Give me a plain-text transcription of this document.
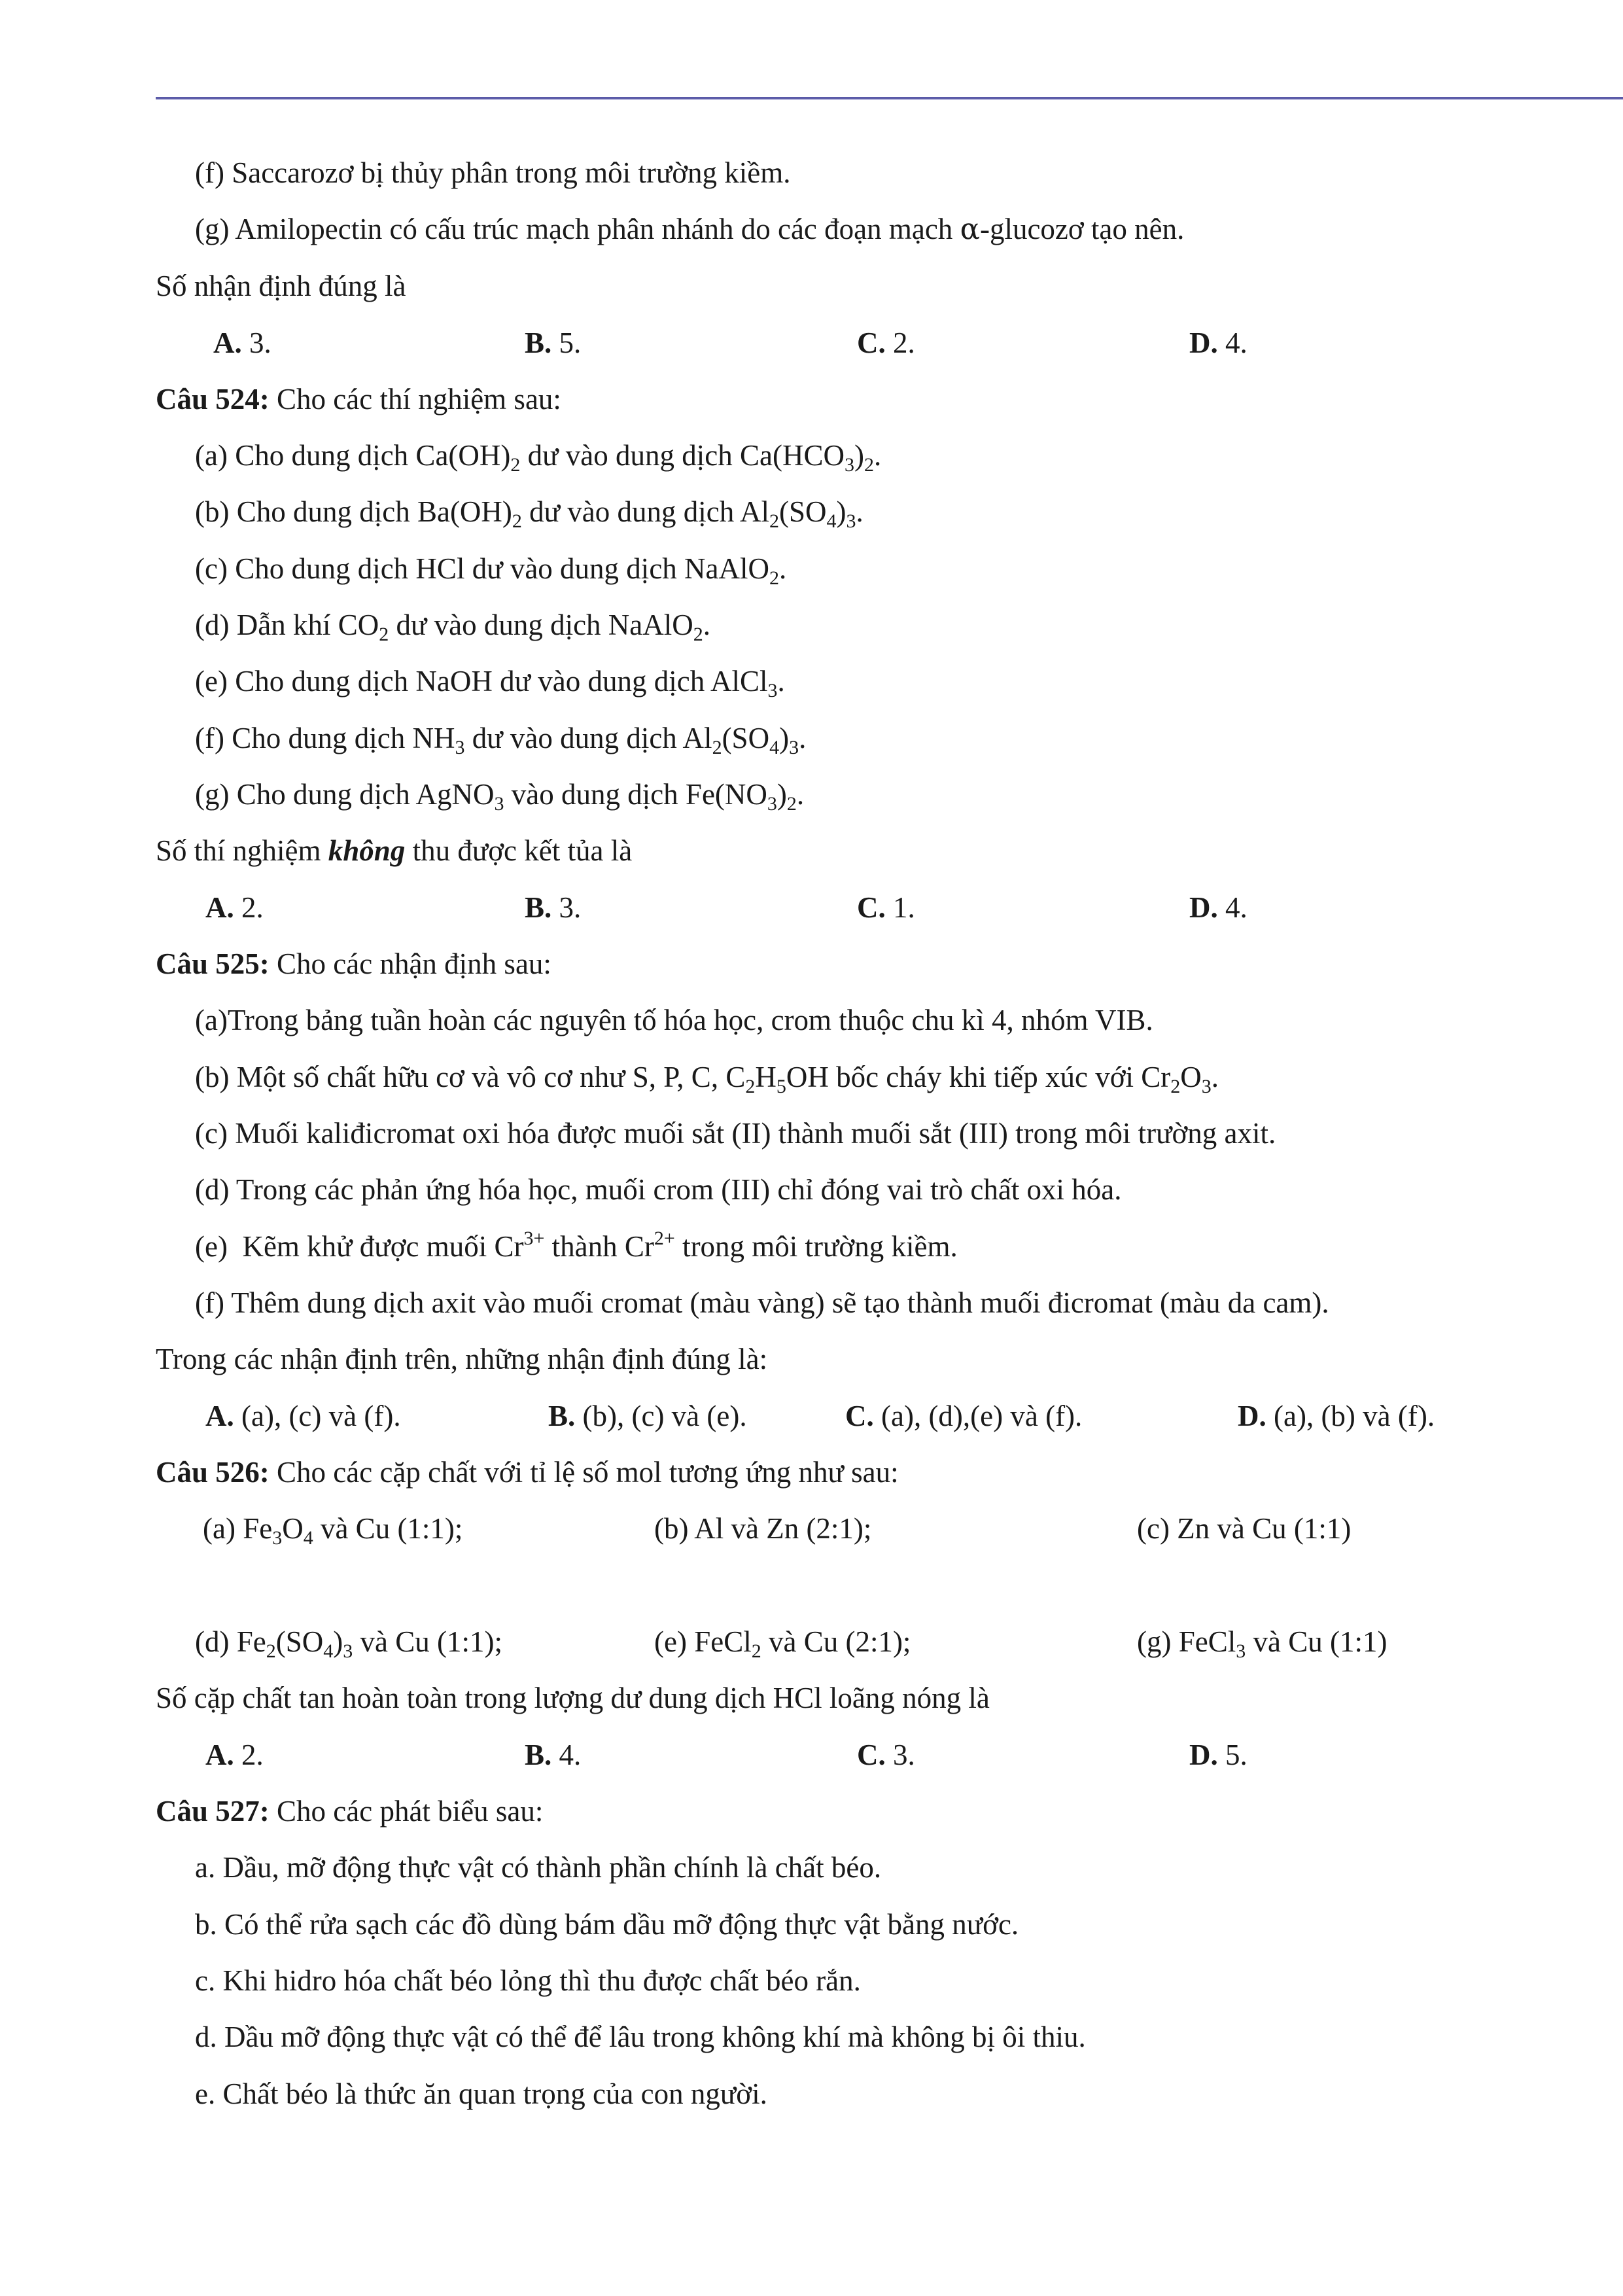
(f) Saccarozơ bị thủy phân trong môi trường kiềm.
(g) Amilopectin có cấu trúc mạch phân nhánh do các đoạn mạch α-glucozơ tạo nên.
Số nhận định đúng là
A. 3.	B. 5.	C. 2.	D. 4.
Câu 524: Cho các thí nghiệm sau:
(a) Cho dung dịch $Ca(OH)_2$ dư vào dung dịch $Ca(HCO_3)_2$.
(b) Cho dung dịch $Ba(OH)_2$ dư vào dung dịch $Al_2(SO_4)_3$.
(c) Cho dung dịch HCl dư vào dung dịch NaAlO$_2$.
(d) Dẫn khí $CO_2$ dư vào dung dịch NaAlO$_2$.
(e) Cho dung dịch NaOH dư vào dung dịch AlCl$_3$.
(f) Cho dung dịch $NH_3$ dư vào dung dịch $Al_2(SO_4)_3$.
(g) Cho dung dịch AgNO$_3$ vào dung dịch $Fe(NO_3)_2$.
Số thí nghiệm không thu được kết tủa là
A. 2.	B. 3.	C. 1.	D. 4.
Câu 525: Cho các nhận định sau:
(a)Trong bảng tuần hoàn các nguyên tố hóa học, crom thuộc chu kì 4, nhóm VIB.
(b) Một số chất hữu cơ và vô cơ như S, P, C, $C_2H_5OH$ bốc cháy khi tiếp xúc với $Cr_2O_3$.
(c) Muối kaliđicromat oxi hóa được muối sắt (II) thành muối sắt (III) trong môi trường axit.
(d) Trong các phản ứng hóa học, muối crom (III) chỉ đóng vai trò chất oxi hóa.
(e)  Kẽm khử được muối $Cr^{3+}$ thành $Cr^{2+}$ trong môi trường kiềm.
(f) Thêm dung dịch axit vào muối cromat (màu vàng) sẽ tạo thành muối đicromat (màu da cam).
Trong các nhận định trên, những nhận định đúng là:
A. (a), (c) và (f).	B. (b), (c) và (e).	C. (a), (d),(e) và (f).	D. (a), (b) và (f).
Câu 526: Cho các cặp chất với tỉ lệ số mol tương ứng như sau:
(a) $Fe_3O_4$ và Cu (1:1);	(b) Al và Zn (2:1);	(c) Zn và Cu (1:1)
(d) $Fe_2(SO_4)_3$ và Cu (1:1);	(e) FeCl$_2$ và Cu (2:1);	(g) FeCl$_3$ và Cu (1:1)
Số cặp chất tan hoàn toàn trong lượng dư dung dịch HCl loãng nóng là
A. 2.	B. 4.	C. 3.	D. 5.
Câu 527: Cho các phát biểu sau:
a. Dầu, mỡ động thực vật có thành phần chính là chất béo.
b. Có thể rửa sạch các đồ dùng bám dầu mỡ động thực vật bằng nước.
c. Khi hidro hóa chất béo lỏng thì thu được chất béo rắn.
d. Dầu mỡ động thực vật có thể để lâu trong không khí mà không bị ôi thiu.
e. Chất béo là thức ăn quan trọng của con người.
